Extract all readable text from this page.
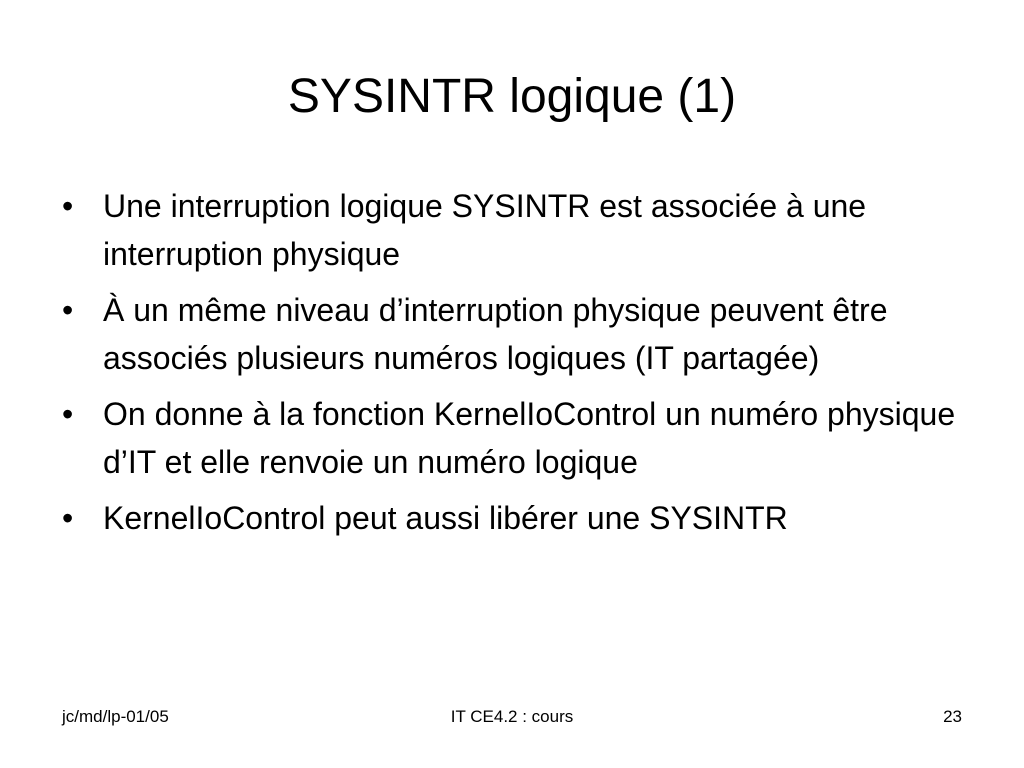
SYSINTR logique (1)
• Une interruption logique SYSINTR est associée à une interruption physique
• À un même niveau d’interruption physique peuvent être associés plusieurs numéros logiques (IT partagée)
• On donne à la fonction KernelIoControl un numéro physique d’IT et elle renvoie un numéro logique
• KernelIoControl peut aussi libérer une SYSINTR
jc/md/lp-01/05	IT CE4.2 : cours	23
